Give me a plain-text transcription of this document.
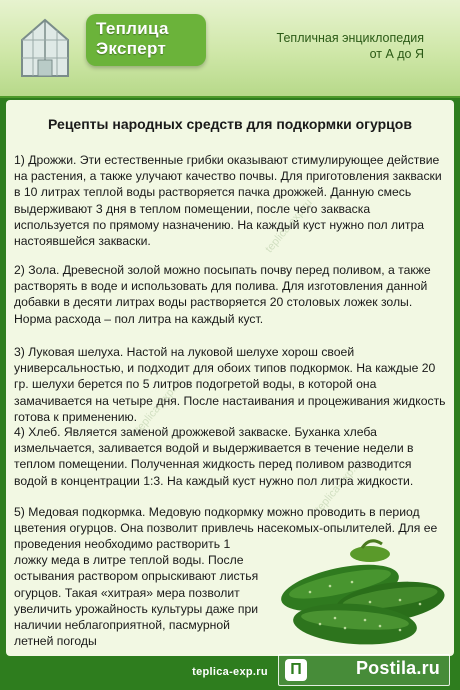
Теплица
Эксперт
Тепличная энциклопедия
от А до Я
teplica-exp.ru
teplica-exp.ru
teplica-exp.ru
Рецепты народных средств для подкормки огурцов
1) Дрожжи. Эти естественные грибки оказывают стимулирующее действие на растения, а также улучают качество почвы. Для приготовления закваски в 10 литрах теплой воды растворяется пачка дрожжей. Данную смесь выдерживают 3 дня в теплом помещении, после чего закваска используется по прямому назначению. На каждый куст нужно пол литра настоявшейся закваски.
2) Зола. Древесной золой можно посыпать почву перед поливом, а также растворять в воде и использовать для полива. Для изготовления данной добавки в десяти литрах воды растворяется 20 столовых ложек золы. Норма расхода – пол литра на каждый куст.
3) Луковая шелуха. Настой на луковой шелухе хорош своей универсальностью, и подходит для обоих типов подкормок. На каждые 20 гр. шелухи берется по 5 литров подогретой воды, в которой она замачивается на четыре дня. После настаивания и процеживания жидкость готова к применению.
4) Хлеб. Является заменой дрожжевой закваске. Буханка хлеба измельчается, заливается водой и выдерживается в течение недели в теплом помещении. Полученная жидкость перед поливом разводится водой в концентрации 1:3. На каждый куст нужно пол литра жидкости.
5) Медовая подкормка. Медовую подкормку можно проводить в период цветения огурцов. Она позволит привлечь насекомых-опылителей. Для ее
проведения необходимо растворить 1 ложку меда в литре теплой воды. После остывания раствором опрыскивают листья огурцов. Такая «хитрая» мера позволит увеличить урожайность культуры даже при наличии неблагоприятной, пасмурной летней погоды
teplica-exp.ru	П	Postila.ru
